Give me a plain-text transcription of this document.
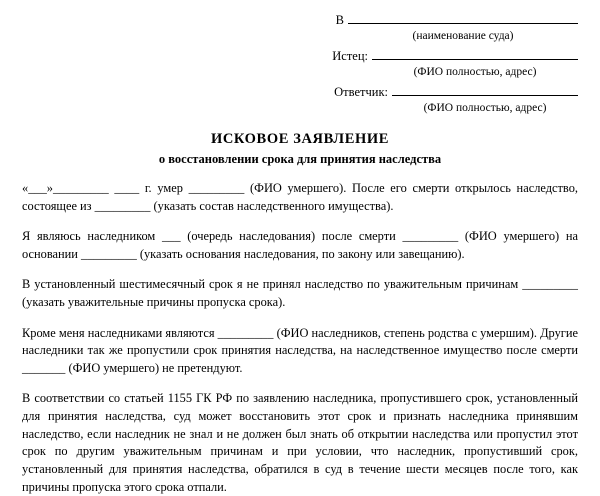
В
(наименование суда)
Истец:
(ФИО полностью, адрес)
Ответчик:
(ФИО полностью, адрес)
ИСКОВОЕ ЗАЯВЛЕНИЕ
о восстановлении срока для принятия наследства

«___»_________ ____ г. умер _________ (ФИО умершего). После его смерти открылось наследство, состоящее из _________ (указать состав наследственного имущества).

Я являюсь наследником ___ (очередь наследования) после смерти _________ (ФИО умершего) на основании _________ (указать основания наследования, по закону или завещанию).

В установленный шестимесячный срок я не принял наследство по уважительным причинам _________ (указать уважительные причины пропуска срока).

Кроме меня наследниками являются _________ (ФИО наследников, степень родства с умершим). Другие наследники так же пропустили срок принятия наследства, на наследственное имущество после смерти _______ (ФИО умершего) не претендуют.

В соответствии со статьей 1155 ГК РФ по заявлению наследника, пропустившего срок, установленный для принятия наследства, суд может восстановить этот срок и признать наследника принявшим наследство, если наследник не знал и не должен был знать об открытии наследства или пропустил этот срок по другим уважительным причинам и при условии, что наследник, пропустивший срок, установленный для принятия наследства, обратился в суд в течение шести месяцев после того, как причины пропуска этого срока отпали.
